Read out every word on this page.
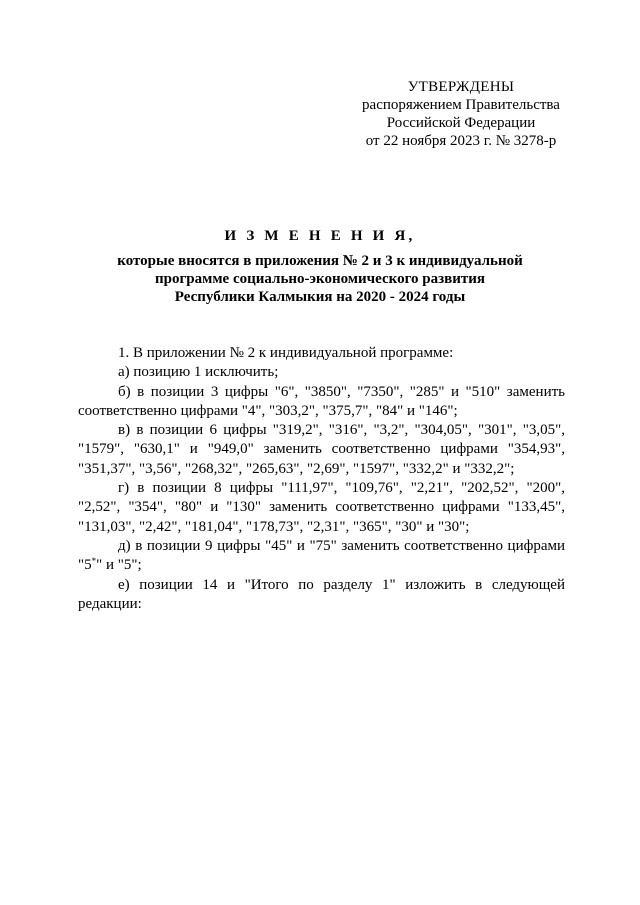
УТВЕРЖДЕНЫ
распоряжением Правительства
Российской Федерации
от 22 ноября 2023 г. № 3278-р
И З М Е Н Е Н И Я,
которые вносятся в приложения № 2 и 3 к индивидуальной
программе социально-экономического развития
Республики Калмыкия на 2020 - 2024 годы

1. В приложении № 2 к индивидуальной программе:

а) позицию 1 исключить;

б) в позиции 3 цифры "6", "3850", "7350", "285" и "510" заменить соответственно цифрами "4", "303,2", "375,7", "84" и "146";

в) в позиции 6 цифры "319,2", "316", "3,2", "304,05", "301", "3,05", "1579", "630,1" и "949,0" заменить соответственно цифрами "354,93", "351,37", "3,56", "268,32", "265,63", "2,69", "1597", "332,2" и "332,2";

г) в позиции 8 цифры "111,97", "109,76", "2,21", "202,52", "200", "2,52", "354", "80" и "130" заменить соответственно цифрами "133,45", "131,03", "2,42", "181,04", "178,73", "2,31", "365", "30" и "30";

д) в позиции 9 цифры "45" и "75" заменить соответственно цифрами "5*" и "5";

е) позиции 14 и "Итого по разделу 1" изложить в следующей редакции:
